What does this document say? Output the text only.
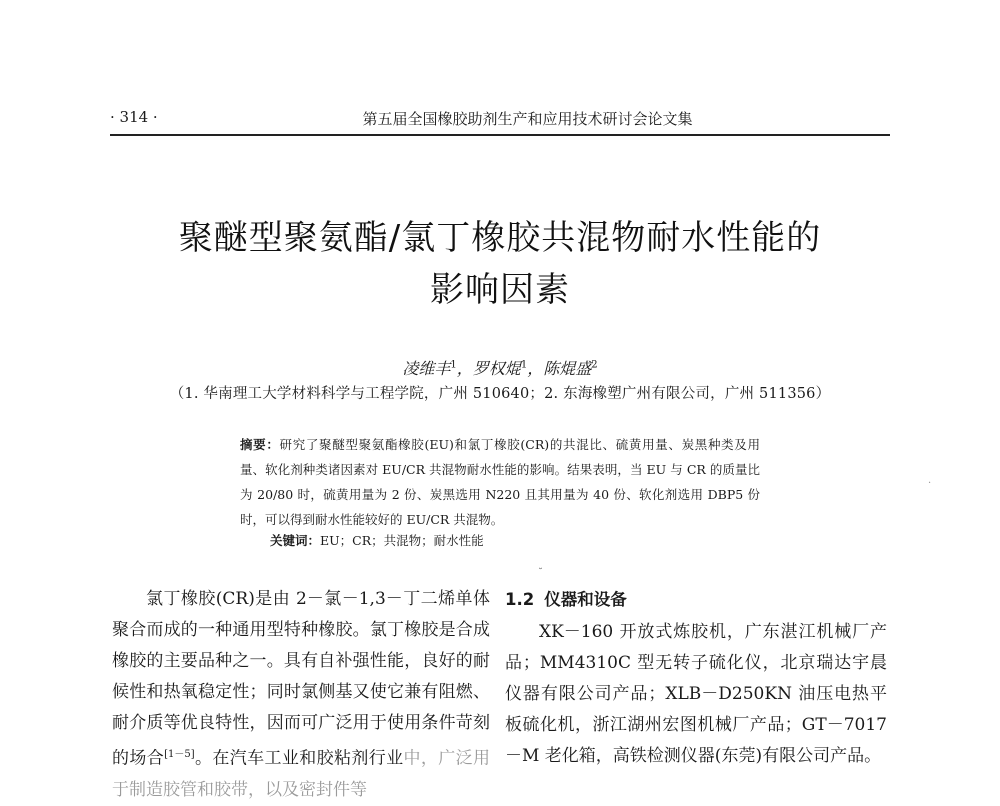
· 314 ·	第五届全国橡胶助剂生产和应用技术研讨会论文集
聚醚型聚氨酯/氯丁橡胶共混物耐水性能的
影响因素
凌维丰$^1$，罗权焜$^1$，陈焜盛$^2$
（1. 华南理工大学材料科学与工程学院，广州 510640；2. 东海橡塑广州有限公司，广州 511356）
摘要：研究了聚醚型聚氨酯橡胶(EU)和氯丁橡胶(CR)的共混比、硫黄用量、炭黑种类及用量、软化剂种类诸因素对 EU/CR 共混物耐水性能的影响。结果表明，当 EU 与 CR 的质量比为 20/80 时，硫黄用量为 2 份、炭黑选用 N220 且其用量为 40 份、软化剂选用 DBP5 份时，可以得到耐水性能较好的 EU/CR 共混物。
关键词：EU；CR；共混物；耐水性能

氯丁橡胶(CR)是由 2－氯－1,3－丁二烯单体聚合而成的一种通用型特种橡胶。氯丁橡胶是合成橡胶的主要品种之一。具有自补强性能，良好的耐候性和热氧稳定性；同时氯侧基又使它兼有阻燃、耐介质等优良特性，因而可广泛用于使用条件苛刻的场合[1－5]。在汽车工业和胶粘剂行业中，广泛用于制造胶管和胶带，以及密封件等

1.2 仪器和设备

XK－160 开放式炼胶机，广东湛江机械厂产品；MM4310C 型无转子硫化仪，北京瑞达宇晨仪器有限公司产品；XLB－D250KN 油压电热平板硫化机，浙江湖州宏图机械厂产品；GT－7017－M 老化箱，高铁检测仪器(东莞)有限公司产品。

˘
·
